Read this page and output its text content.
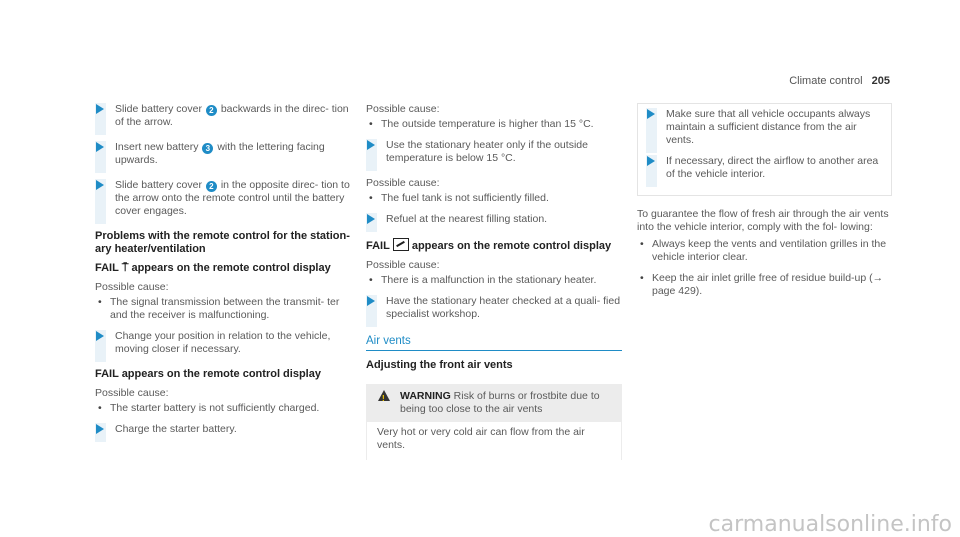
Climate control 205
Slide battery cover 2 backwards in the direc- tion of the arrow.
Insert new battery 3 with the lettering facing upwards.
Slide battery cover 2 in the opposite direc- tion to the arrow onto the remote control until the battery cover engages.
Problems with the remote control for the station- ary heater/ventilation
FAIL ⍑ appears on the remote control display
Possible cause:
• The signal transmission between the transmit- ter and the receiver is malfunctioning.
Change your position in relation to the vehicle, moving closer if necessary.
FAIL appears on the remote control display
Possible cause:
• The starter battery is not sufficiently charged.
Charge the starter battery.
Possible cause:
• The outside temperature is higher than 15 °C.
Use the stationary heater only if the outside temperature is below 15 °C.
Possible cause:
• The fuel tank is not sufficiently filled.
Refuel at the nearest filling station.
FAIL appears on the remote control display
Possible cause:
• There is a malfunction in the stationary heater.
Have the stationary heater checked at a quali- fied specialist workshop.
Air vents
Adjusting the front air vents
! WARNING Risk of burns or frostbite due to being too close to the air vents
Very hot or very cold air can flow from the air vents.
Make sure that all vehicle occupants always maintain a sufficient distance from the air vents.
If necessary, direct the airflow to another area of the vehicle interior.
To guarantee the flow of fresh air through the air vents into the vehicle interior, comply with the fol- lowing:
• Always keep the vents and ventilation grilles in the vehicle interior clear.
• Keep the air inlet grille free of residue build-up (→ page 429).
carmanualsonline.info
